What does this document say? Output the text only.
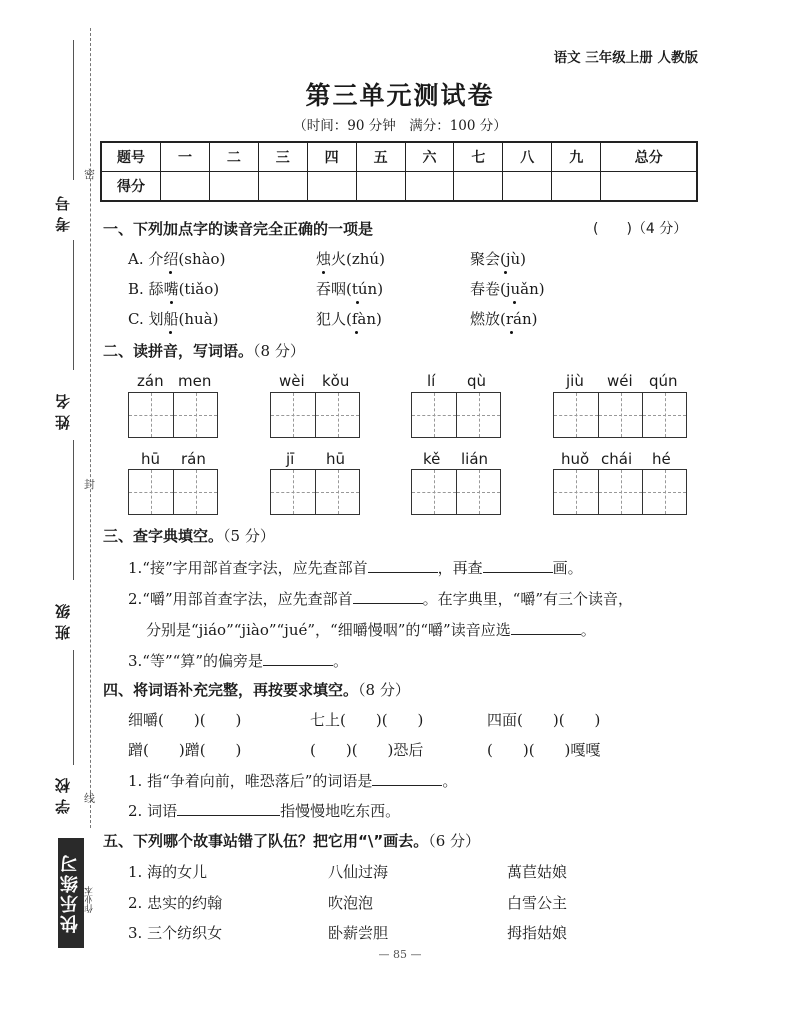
考号
姓名
班级
学校
密
封
线
快乐练习 作业本
语文 三年级上册 人教版
第三单元测试卷
（时间：90 分钟　满分：100 分）
题号	一	二	三	四	五	六	七	八	九	总分
得分										
一、下列加点字的读音完全正确的一项是	(　　)（4 分）
A. 介绍(shào)	烛火(zhú)	聚会(jù)
B. 舔嘴(tiǎo)	吞咽(tún)	春卷(juǎn)
C. 划船(huà)	犯人(fàn)	燃放(rán)
二、读拼音，写词语。（8 分）
zán men	wèi kǒu	lí qù	jiù wéi qún
hū rán	jī hū	kě lián	huǒ chái hé
三、查字典填空。（5 分）
1.“接”字用部首查字法，应先查部首	，再查	画。
2.“嚼”用部首查字法，应先查部首	。在字典里，“嚼”有三个读音，
分别是“jiáo”“jiào”“jué”，“细嚼慢咽”的“嚼”读音应选	。
3.“等”“算”的偏旁是	。
四、将词语补充完整，再按要求填空。（8 分）
细嚼(　　)(　　)	七上(　　)(　　)	四面(　　)(　　)
蹭(　　)蹭(　　)	(　　)(　　)恐后	(　　)(　　)嘎嘎
1. 指“争着向前，唯恐落后”的词语是	。
2. 词语	指慢慢地吃东西。
五、下列哪个故事站错了队伍？把它用“\”画去。（6 分）
1. 海的女儿	八仙过海	萬苣姑娘
2. 忠实的约翰	吹泡泡	白雪公主
3. 三个纺织女	卧薪尝胆	拇指姑娘
— 85 —
